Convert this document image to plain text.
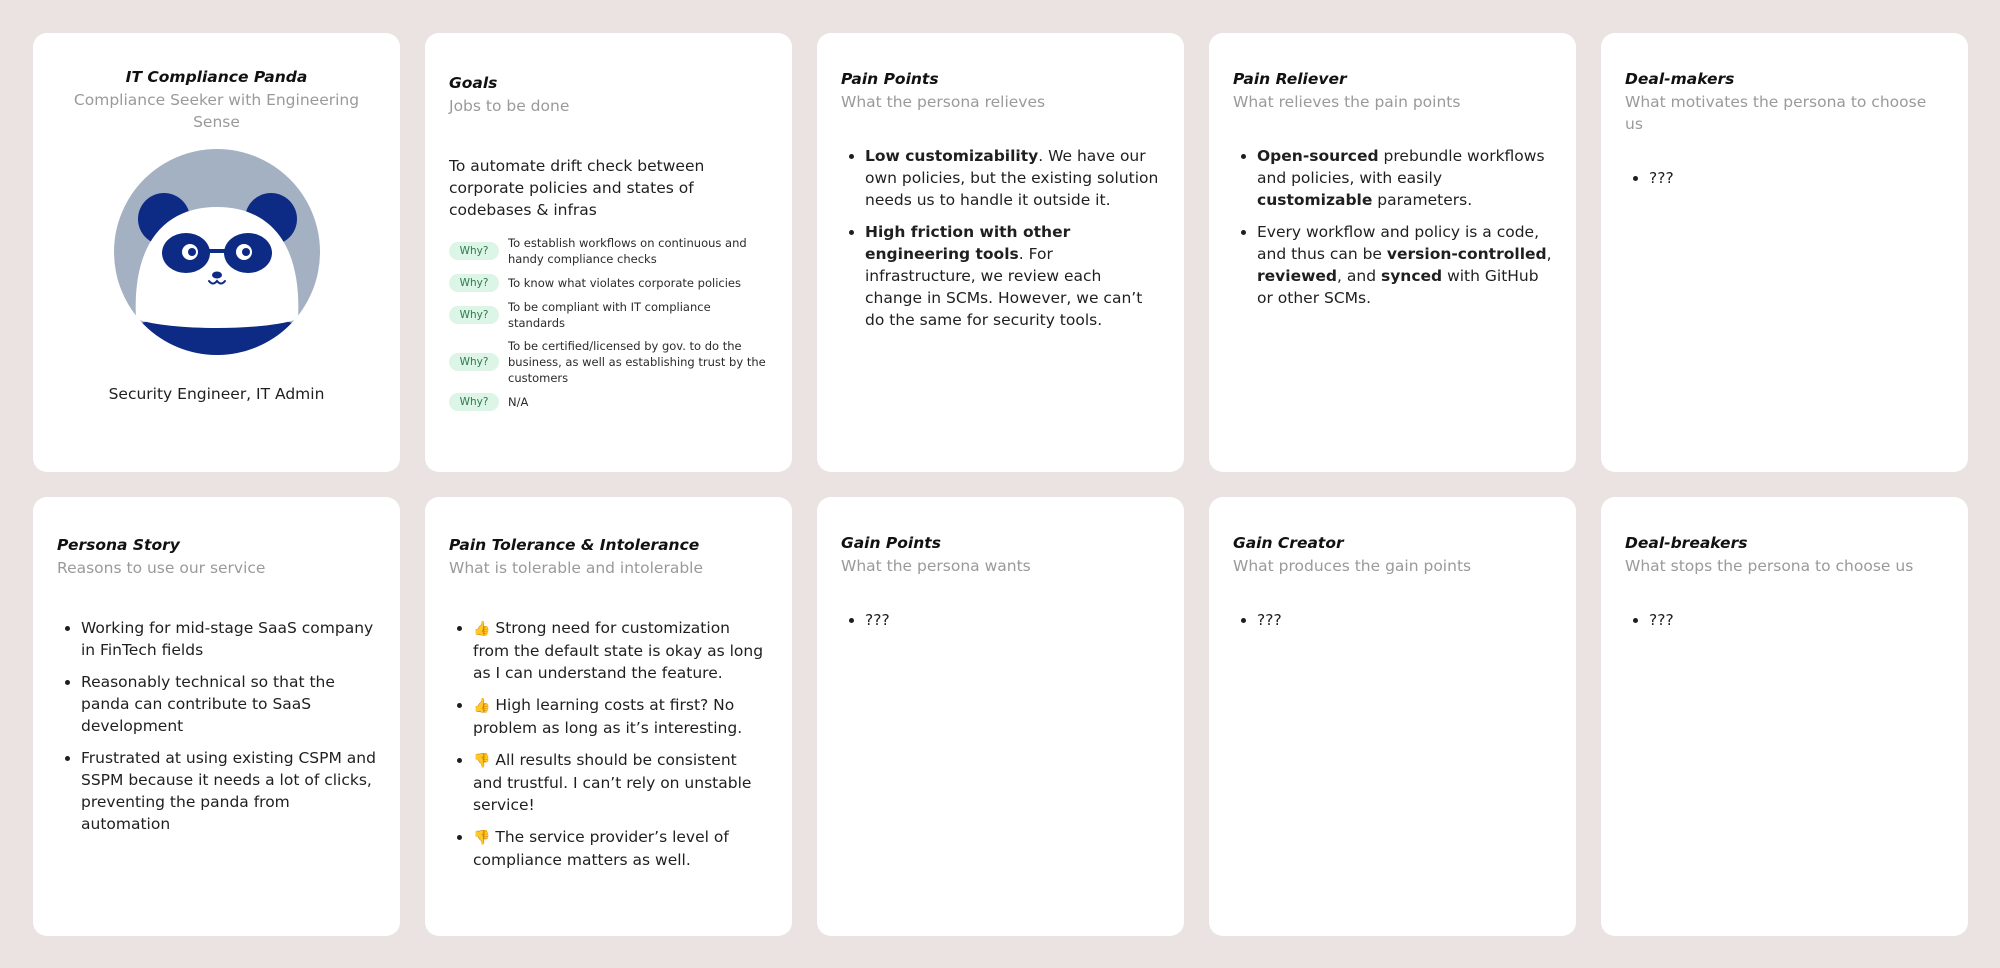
IT Compliance Panda
Compliance Seeker with Engineering Sense
Security Engineer, IT Admin
Goals
Jobs to be done
To automate drift check between corporate policies and states of codebases & infras
Why?
To establish workflows on continuous and handy compliance checks
Why?	To know what violates corporate policies
Why?
To be compliant with IT compliance standards
Why?
To be certified/licensed by gov. to do the business, as well as establishing trust by the customers
Why?	N/A
Pain Points
What the persona relieves
• Low customizability. We have our own policies, but the existing solution needs us to handle it outside it.
• High friction with other engineering tools. For infrastructure, we review each change in SCMs. However, we can’t do the same for security tools.
Pain Reliever
What relieves the pain points
• Open-sourced prebundle workflows and policies, with easily customizable parameters.
• Every workflow and policy is a code, and thus can be version-controlled, reviewed, and synced with GitHub or other SCMs.
Deal-makers
What motivates the persona to choose us
• ???
Persona Story
Reasons to use our service
• Working for mid-stage SaaS company in FinTech fields
• Reasonably technical so that the panda can contribute to SaaS development
• Frustrated at using existing CSPM and SSPM because it needs a lot of clicks, preventing the panda from automation
Pain Tolerance & Intolerance
What is tolerable and intolerable
• 👍 Strong need for customization from the default state is okay as long as I can understand the feature.
• 👍 High learning costs at first? No problem as long as it’s interesting.
• 👎 All results should be consistent and trustful. I can’t rely on unstable service!
• 👎 The service provider’s level of compliance matters as well.
Gain Points
What the persona wants
• ???
Gain Creator
What produces the gain points
• ???
Deal-breakers
What stops the persona to choose us
• ???
